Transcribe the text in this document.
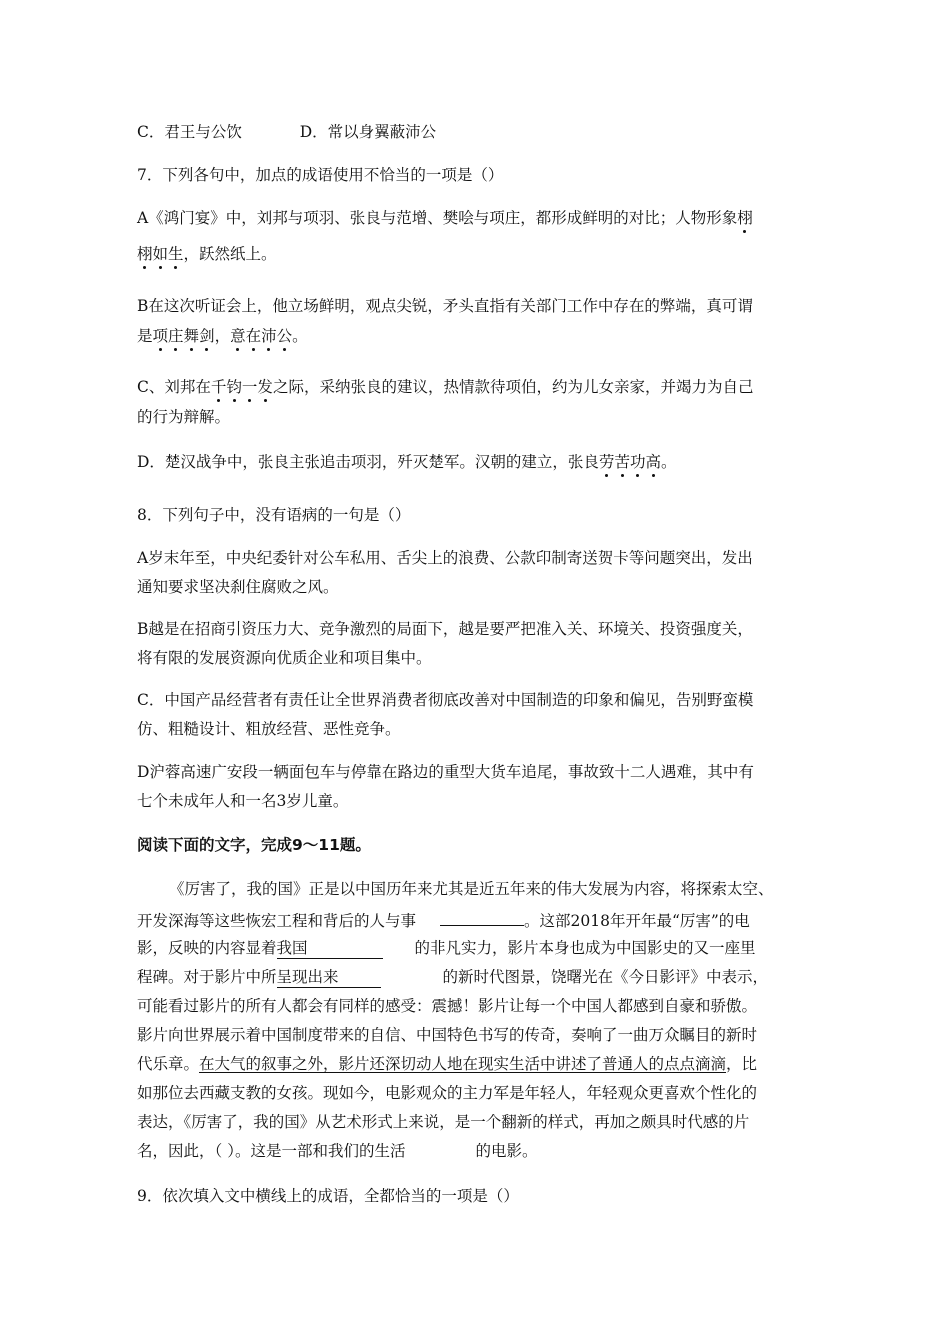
C．君王与公饮	D．常以身翼蔽沛公
7．下列各句中，加点的成语使用不恰当的一项是（）
A《鸿门宴》中，刘邦与项羽、张良与范增、樊哙与项庄，都形成鲜明的对比；人物形象栩
栩如生，跃然纸上。
B在这次听证会上，他立场鲜明，观点尖锐，矛头直指有关部门工作中存在的弊端，真可谓
是项庄舞剑，意在沛公。
C、刘邦在千钧一发之际，采纳张良的建议，热情款待项伯，约为儿女亲家，并竭力为自己
的行为辩解。
D．楚汉战争中，张良主张追击项羽，歼灭楚军。汉朝的建立，张良劳苦功高。
8．下列句子中，没有语病的一句是（）
A岁末年至，中央纪委针对公车私用、舌尖上的浪费、公款印制寄送贺卡等问题突出，发出
通知要求坚决刹住腐败之风。
B越是在招商引资压力大、竞争激烈的局面下，越是要严把准入关、环境关、投资强度关，
将有限的发展资源向优质企业和项目集中。
C．中国产品经营者有责任让全世界消费者彻底改善对中国制造的印象和偏见，告别野蛮模
仿、粗糙设计、粗放经营、恶性竞争。
D沪蓉高速广安段一辆面包车与停靠在路边的重型大货车追尾，事故致十二人遇难，其中有
七个未成年人和一名3岁儿童。
阅读下面的文字，完成9～11题。
《厉害了，我的国》正是以中国历年来尤其是近五年来的伟大发展为内容，将探索太空、
开发深海等这些恢宏工程和背后的人与事	。这部2018年开年最“厉害”的电
影，反映的内容显着我国	的非凡实力，影片本身也成为中国影史的又一座里
程碑。对于影片中所呈现出来	的新时代图景，饶曙光在《今日影评》中表示，
可能看过影片的所有人都会有同样的感受：震撼！影片让每一个中国人都感到自豪和骄傲。
影片向世界展示着中国制度带来的自信、中国特色书写的传奇，奏响了一曲万众瞩目的新时
代乐章。在大气的叙事之外，影片还深切动人地在现实生活中讲述了普通人的点点滴滴，比
如那位去西藏支教的女孩。现如今，电影观众的主力军是年轻人，年轻观众更喜欢个性化的
表达，《厉害了，我的国》从艺术形式上来说，是一个翻新的样式，再加之颇具时代感的片
名，因此，（ ）。这是一部和我们的生活	的电影。
9．依次填入文中横线上的成语，全都恰当的一项是（）
